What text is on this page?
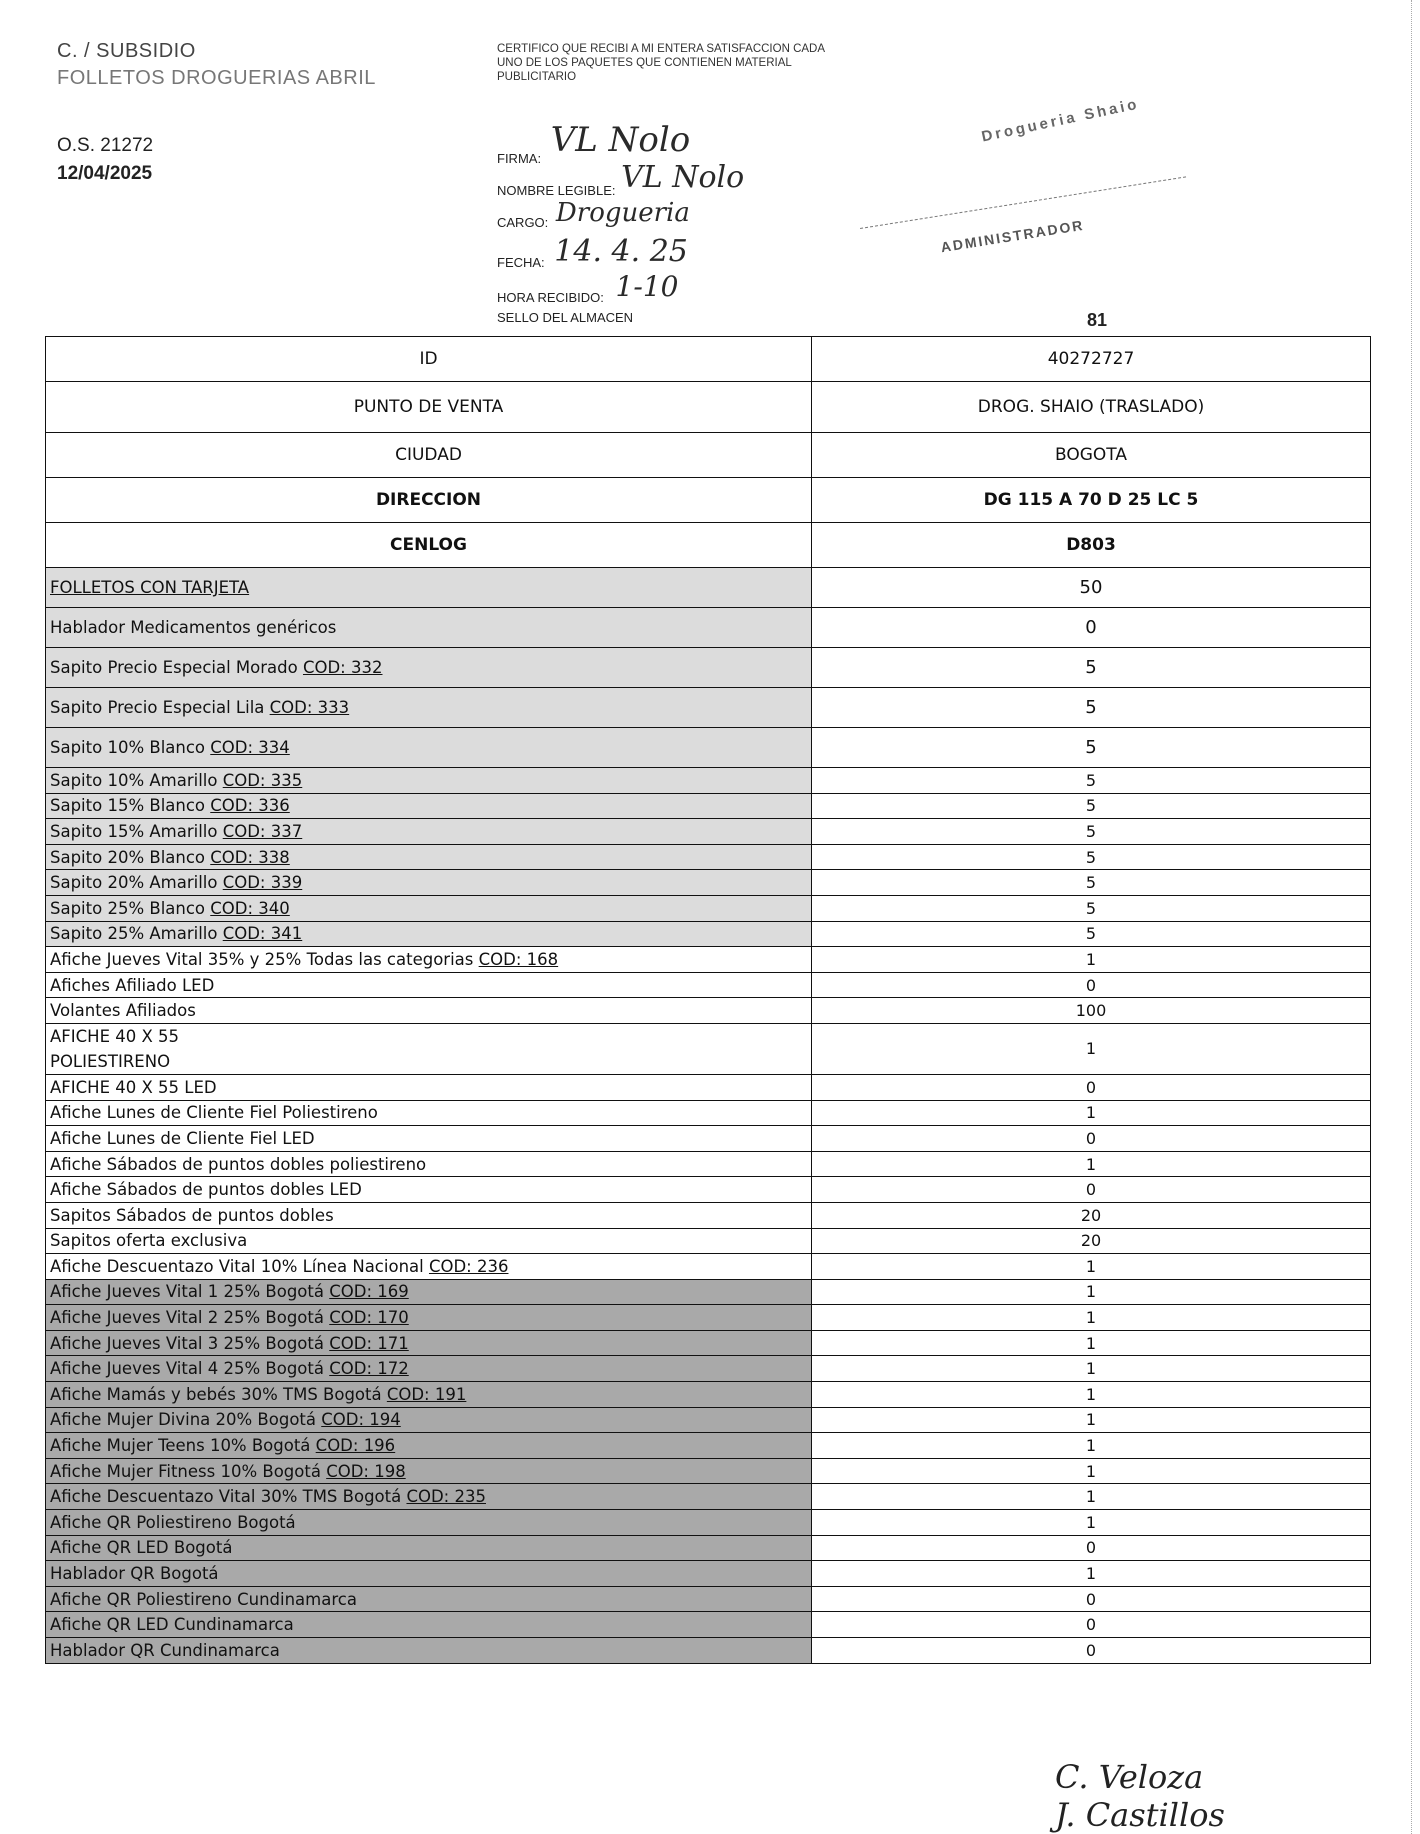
C. / SUBSIDIO
FOLLETOS DROGUERIAS ABRIL
O.S. 21272
12/04/2025
CERTIFICO QUE RECIBI A MI ENTERA SATISFACCION CADA UNO DE LOS PAQUETES QUE CONTIENEN MATERIAL PUBLICITARIO
FIRMA: VL Nolo
NOMBRE LEGIBLE: VL Nolo
CARGO: Drogueria
FECHA: 14. 4. 25
HORA RECIBIDO: 1-10
Drogueria Shaio
ADMINISTRADOR
SELLO DEL ALMACEN	81
ID	40272727
PUNTO DE VENTA	DROG. SHAIO (TRASLADO)
CIUDAD	BOGOTA
DIRECCION	DG 115 A 70 D 25 LC 5
CENLOG	D803
FOLLETOS CON TARJETA	50
Hablador Medicamentos genéricos	0
Sapito Precio Especial Morado COD: 332	5
Sapito Precio Especial Lila COD: 333	5
Sapito 10% Blanco COD: 334	5
Sapito 10% Amarillo COD: 335	5
Sapito 15% Blanco COD: 336	5
Sapito 15% Amarillo COD: 337	5
Sapito 20% Blanco COD: 338	5
Sapito 20% Amarillo COD: 339	5
Sapito 25% Blanco COD: 340	5
Sapito 25% Amarillo COD: 341	5
Afiche Jueves Vital 35% y 25% Todas las categorias COD: 168	1
Afiches Afiliado LED	0
Volantes Afiliados	100
AFICHE 40 X 55
POLIESTIRENO	1
AFICHE 40 X 55 LED	0
Afiche Lunes de Cliente Fiel Poliestireno	1
Afiche Lunes de Cliente Fiel LED	0
Afiche Sábados de puntos dobles poliestireno	1
Afiche Sábados de puntos dobles LED	0
Sapitos Sábados de puntos dobles	20
Sapitos oferta exclusiva	20
Afiche Descuentazo Vital 10% Línea Nacional COD: 236	1
Afiche Jueves Vital 1 25% Bogotá COD: 169	1
Afiche Jueves Vital 2 25% Bogotá COD: 170	1
Afiche Jueves Vital 3 25% Bogotá COD: 171	1
Afiche Jueves Vital 4 25% Bogotá COD: 172	1
Afiche Mamás y bebés 30% TMS Bogotá COD: 191	1
Afiche Mujer Divina 20% Bogotá COD: 194	1
Afiche Mujer Teens 10% Bogotá COD: 196	1
Afiche Mujer Fitness 10% Bogotá COD: 198	1
Afiche Descuentazo Vital 30% TMS Bogotá COD: 235	1
Afiche QR Poliestireno Bogotá	1
Afiche QR LED Bogotá	0
Hablador QR Bogotá	1
Afiche QR Poliestireno Cundinamarca	0
Afiche QR LED Cundinamarca	0
Hablador QR Cundinamarca	0
C. Veloza
J. Castillos
